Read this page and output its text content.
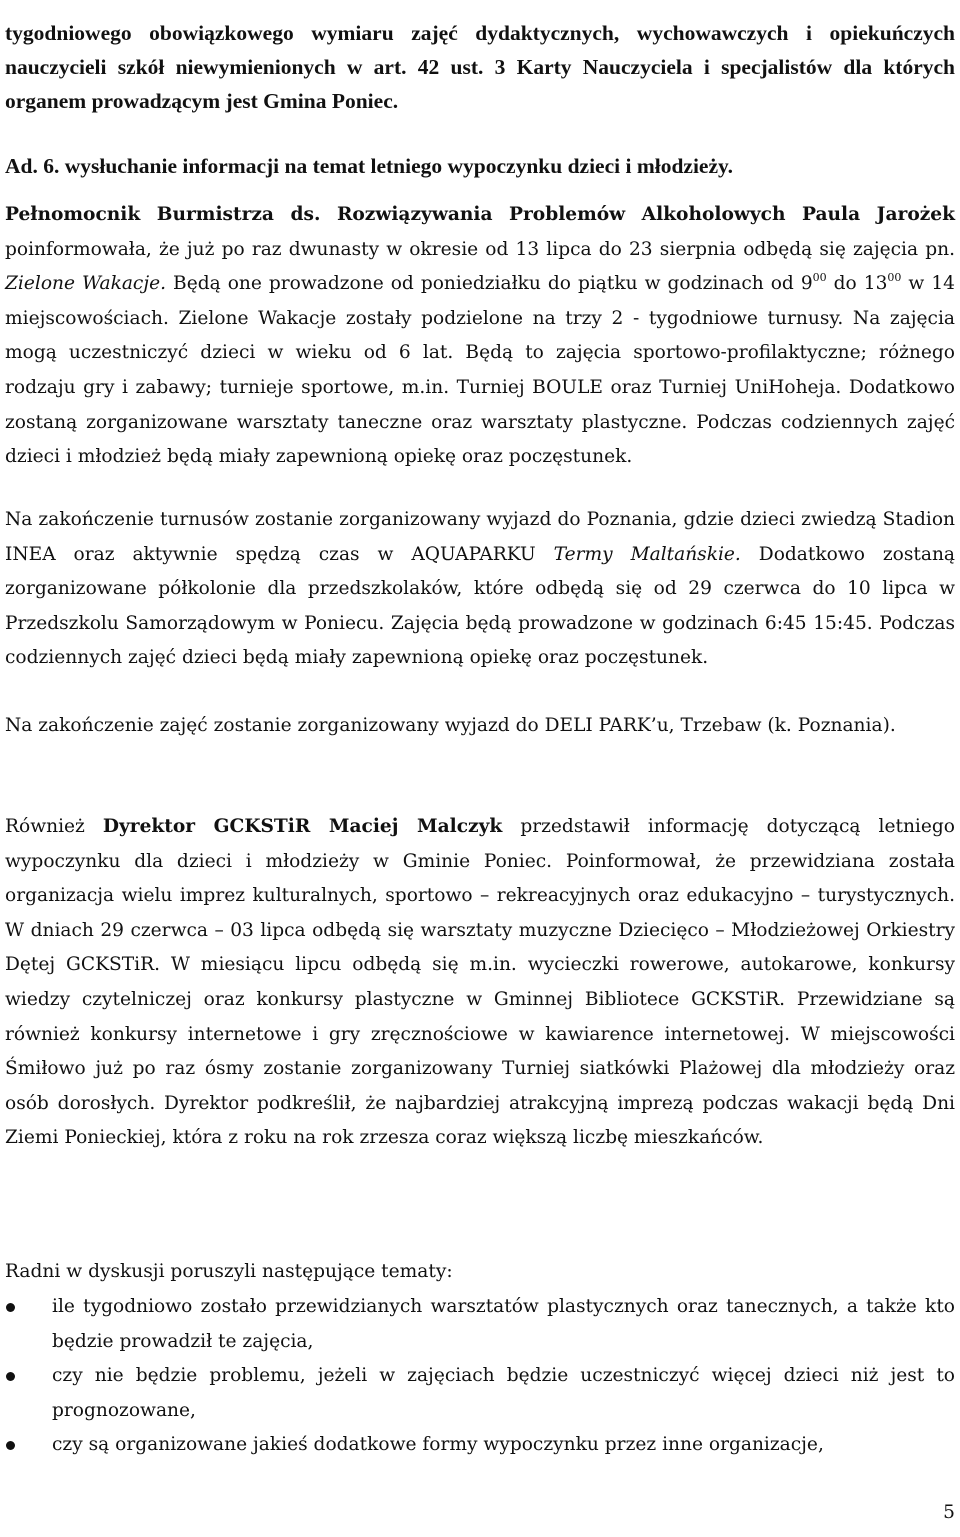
tygodniowego obowiązkowego wymiaru zajęć dydaktycznych, wychowawczych i opiekuńczych nauczycieli szkół niewymienionych w art. 42 ust. 3 Karty Nauczyciela i specjalistów dla których organem prowadzącym jest Gmina Poniec.

Ad. 6. wysłuchanie informacji na temat letniego wypoczynku dzieci i młodzieży.

Pełnomocnik Burmistrza ds. Rozwiązywania Problemów Alkoholowych Paula Jarożek poinformowała, że już po raz dwunasty w okresie od 13 lipca do 23 sierpnia odbędą się zajęcia pn. Zielone Wakacje. Będą one prowadzone od poniedziałku do piątku w godzinach od $9^{00}$ do $13^{00}$ w 14 miejscowościach. Zielone Wakacje zostały podzielone na trzy 2 - tygodniowe turnusy. Na zajęcia mogą uczestniczyć dzieci w wieku od 6 lat. Będą to zajęcia sportowo-profilaktyczne; różnego rodzaju gry i zabawy; turnieje sportowe, m.in. Turniej BOULE oraz Turniej UniHoheja. Dodatkowo zostaną zorganizowane warsztaty taneczne oraz warsztaty plastyczne. Podczas codziennych zajęć dzieci i młodzież będą miały zapewnioną opiekę oraz poczęstunek.

Na zakończenie turnusów zostanie zorganizowany wyjazd do Poznania, gdzie dzieci zwiedzą Stadion INEA oraz aktywnie spędzą czas w AQUAPARKU Termy Maltańskie. Dodatkowo zostaną zorganizowane półkolonie dla przedszkolaków, które odbędą się od 29 czerwca do 10 lipca w Przedszkolu Samorządowym w Poniecu. Zajęcia będą prowadzone w godzinach 6:45 15:45. Podczas codziennych zajęć dzieci będą miały zapewnioną opiekę oraz poczęstunek.

Na zakończenie zajęć zostanie zorganizowany wyjazd do DELI PARK’u, Trzebaw (k. Poznania).

Również Dyrektor GCKSTiR Maciej Malczyk przedstawił informację dotyczącą letniego wypoczynku dla dzieci i młodzieży w Gminie Poniec. Poinformował, że przewidziana została organizacja wielu imprez kulturalnych, sportowo – rekreacyjnych oraz edukacyjno – turystycznych. W dniach 29 czerwca – 03 lipca odbędą się warsztaty muzyczne Dziecięco – Młodzieżowej Orkiestry Dętej GCKSTiR. W miesiącu lipcu odbędą się m.in. wycieczki rowerowe, autokarowe, konkursy wiedzy czytelniczej oraz konkursy plastyczne w Gminnej Bibliotece GCKSTiR. Przewidziane są również konkursy internetowe i gry zręcznościowe w kawiarence internetowej. W miejscowości Śmiłowo już po raz ósmy zostanie zorganizowany Turniej siatkówki Plażowej dla młodzieży oraz osób dorosłych. Dyrektor podkreślił, że najbardziej atrakcyjną imprezą podczas wakacji będą Dni Ziemi Ponieckiej, która z roku na rok zrzesza coraz większą liczbę mieszkańców.

Radni w dyskusji poruszyli następujące tematy:

ile tygodniowo zostało przewidzianych warsztatów plastycznych oraz tanecznych, a także kto będzie prowadził te zajęcia,
czy nie będzie problemu, jeżeli w zajęciach będzie uczestniczyć więcej dzieci niż jest to prognozowane,
czy są organizowane jakieś dodatkowe formy wypoczynku przez inne organizacje,
5
